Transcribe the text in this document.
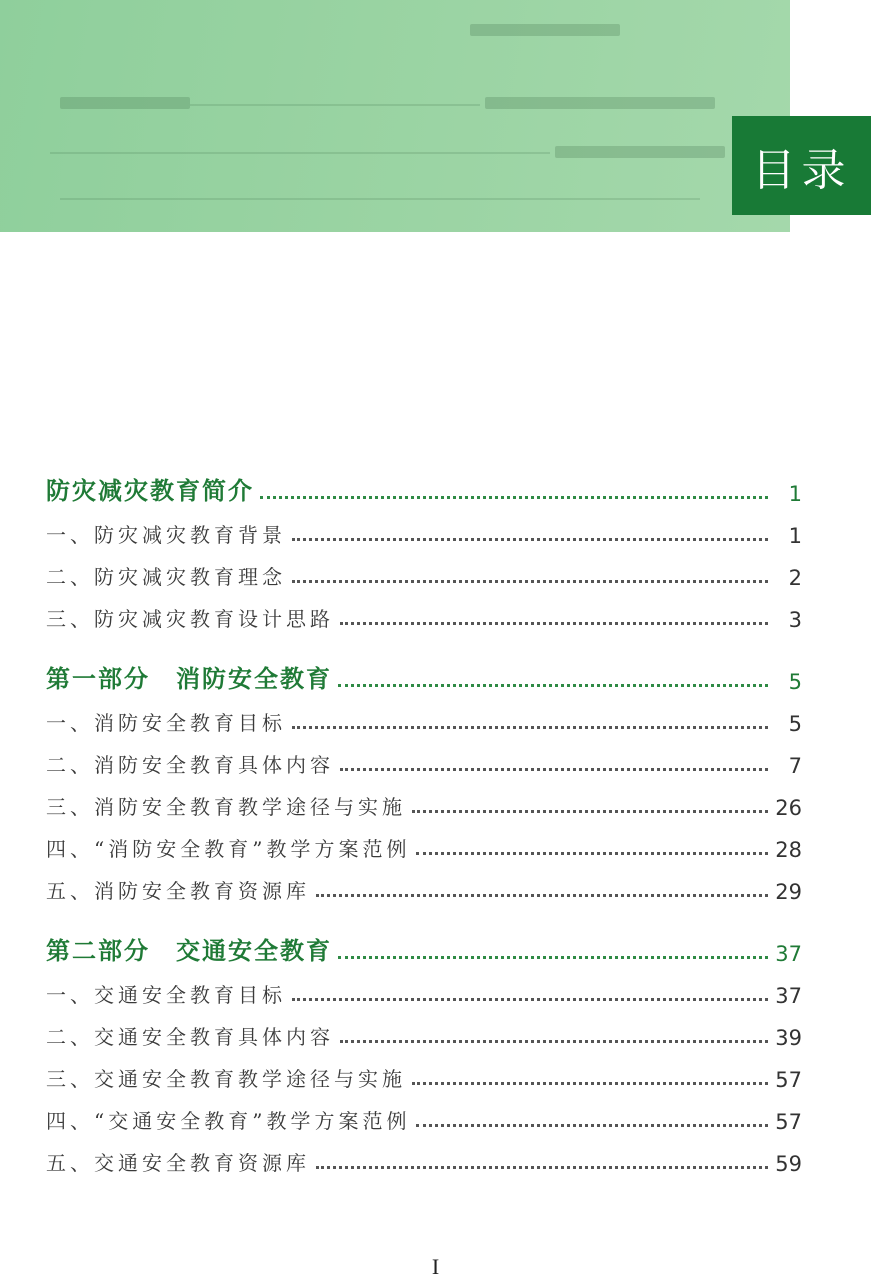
目录
防灾减灾教育简介	1
一、防灾减灾教育背景	1
二、防灾减灾教育理念	2
三、防灾减灾教育设计思路	3
第一部分　消防安全教育	5
一、消防安全教育目标	5
二、消防安全教育具体内容	7
三、消防安全教育教学途径与实施	26
四、“消防安全教育”教学方案范例	28
五、消防安全教育资源库	29
第二部分　交通安全教育	37
一、交通安全教育目标	37
二、交通安全教育具体内容	39
三、交通安全教育教学途径与实施	57
四、“交通安全教育”教学方案范例	57
五、交通安全教育资源库	59
I
